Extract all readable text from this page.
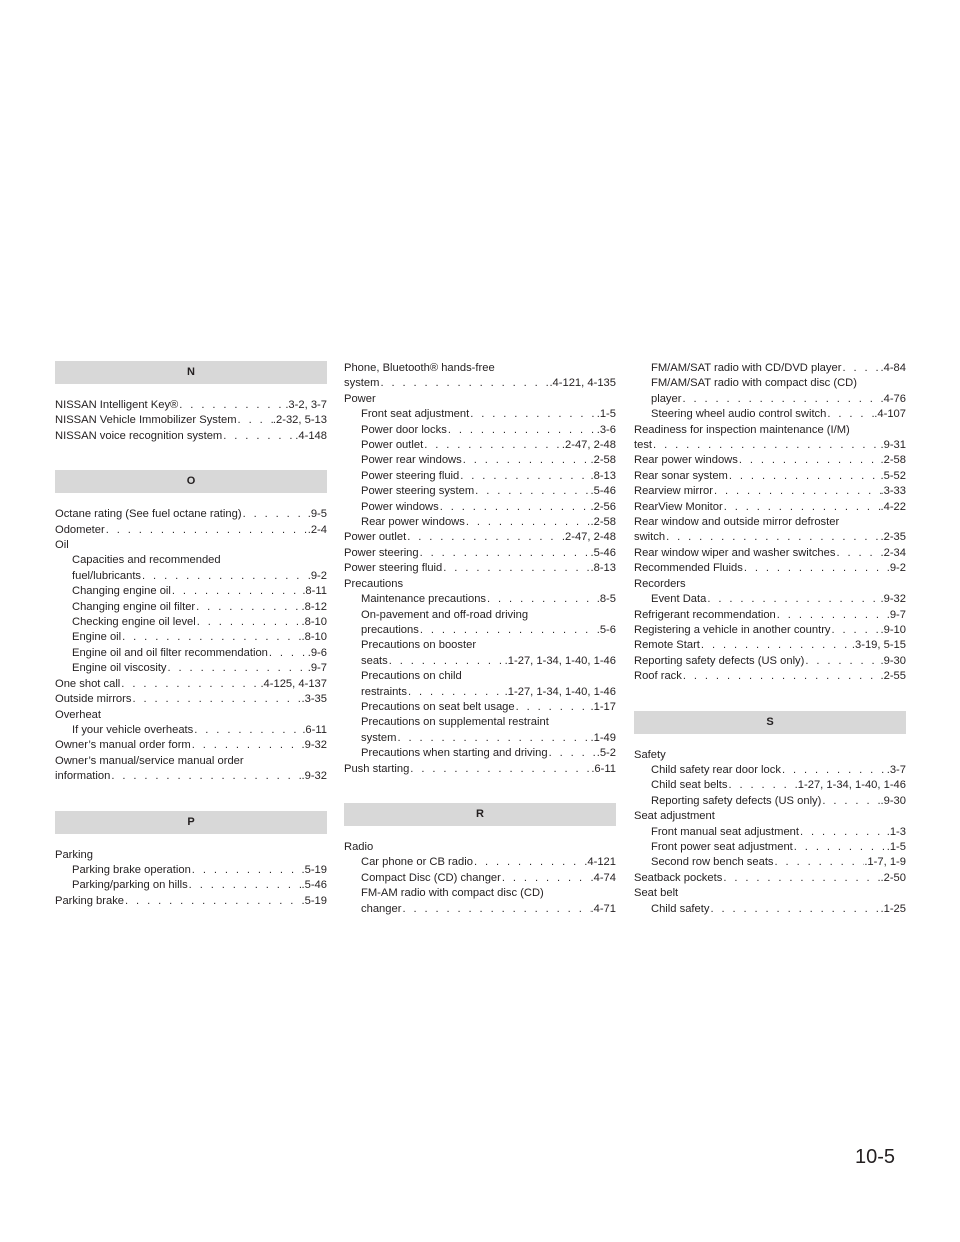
N
NISSAN Intelligent Key® . . .	.3-2, 3-7
NISSAN Vehicle Immobilizer System . . .	.2-32, 5-13
NISSAN voice recognition system . . .	.4-148
O
Octane rating (See fuel octane rating) . . .	.9-5
Odometer . . .	.2-4
Oil
Capacities and recommended
fuel/lubricants . . .	.9-2
Changing engine oil . . .	.8-11
Changing engine oil filter . . .	.8-12
Checking engine oil level . . .	.8-10
Engine oil . . .	.8-10
Engine oil and oil filter recommendation . . .	.9-6
Engine oil viscosity . . .	.9-7
One shot call . . .	.4-125, 4-137
Outside mirrors . . .	.3-35
Overheat
If your vehicle overheats . . .	.6-11
Owner’s manual order form . . .	.9-32
Owner’s manual/service manual order
information . . .	.9-32
P
Parking
Parking brake operation . . .	.5-19
Parking/parking on hills . . .	.5-46
Parking brake . . .	.5-19
Phone, Bluetooth® hands-free
system . . .	.4-121, 4-135
Power
Front seat adjustment . . .	.1-5
Power door locks . . .	.3-6
Power outlet . . .	.2-47, 2-48
Power rear windows . . .	.2-58
Power steering fluid . . .	.8-13
Power steering system . . .	.5-46
Power windows . . .	.2-56
Rear power windows . . .	.2-58
Power outlet . . .	.2-47, 2-48
Power steering . . .	.5-46
Power steering fluid . . .	.8-13
Precautions
Maintenance precautions . . .	.8-5
On-pavement and off-road driving
precautions . . .	.5-6
Precautions on booster
seats . . .	.1-27, 1-34, 1-40, 1-46
Precautions on child
restraints . . .	.1-27, 1-34, 1-40, 1-46
Precautions on seat belt usage . . .	.1-17
Precautions on supplemental restraint
system . . .	.1-49
Precautions when starting and driving . . .	.5-2
Push starting . . .	.6-11
R
Radio
Car phone or CB radio . . .	.4-121
Compact Disc (CD) changer . . .	.4-74
FM-AM radio with compact disc (CD)
changer . . .	.4-71
FM/AM/SAT radio with CD/DVD player . . .	.4-84
FM/AM/SAT radio with compact disc (CD)
player . . .	.4-76
Steering wheel audio control switch . . .	.4-107
Readiness for inspection maintenance (I/M)
test . . .	.9-31
Rear power windows . . .	.2-58
Rear sonar system . . .	.5-52
Rearview mirror . . .	.3-33
RearView Monitor . . .	.4-22
Rear window and outside mirror defroster
switch . . .	.2-35
Rear window wiper and washer switches . . .	.2-34
Recommended Fluids . . .	.9-2
Recorders
Event Data . . .	.9-32
Refrigerant recommendation . . .	.9-7
Registering a vehicle in another country . . .	.9-10
Remote Start . . .	.3-19, 5-15
Reporting safety defects (US only) . . .	.9-30
Roof rack . . .	.2-55
S
Safety
Child safety rear door lock . . .	.3-7
Child seat belts . . .	.1-27, 1-34, 1-40, 1-46
Reporting safety defects (US only) . . .	.9-30
Seat adjustment
Front manual seat adjustment . . .	.1-3
Front power seat adjustment . . .	.1-5
Second row bench seats . . .	.1-7, 1-9
Seatback pockets . . .	.2-50
Seat belt
Child safety . . .	.1-25
10-5
